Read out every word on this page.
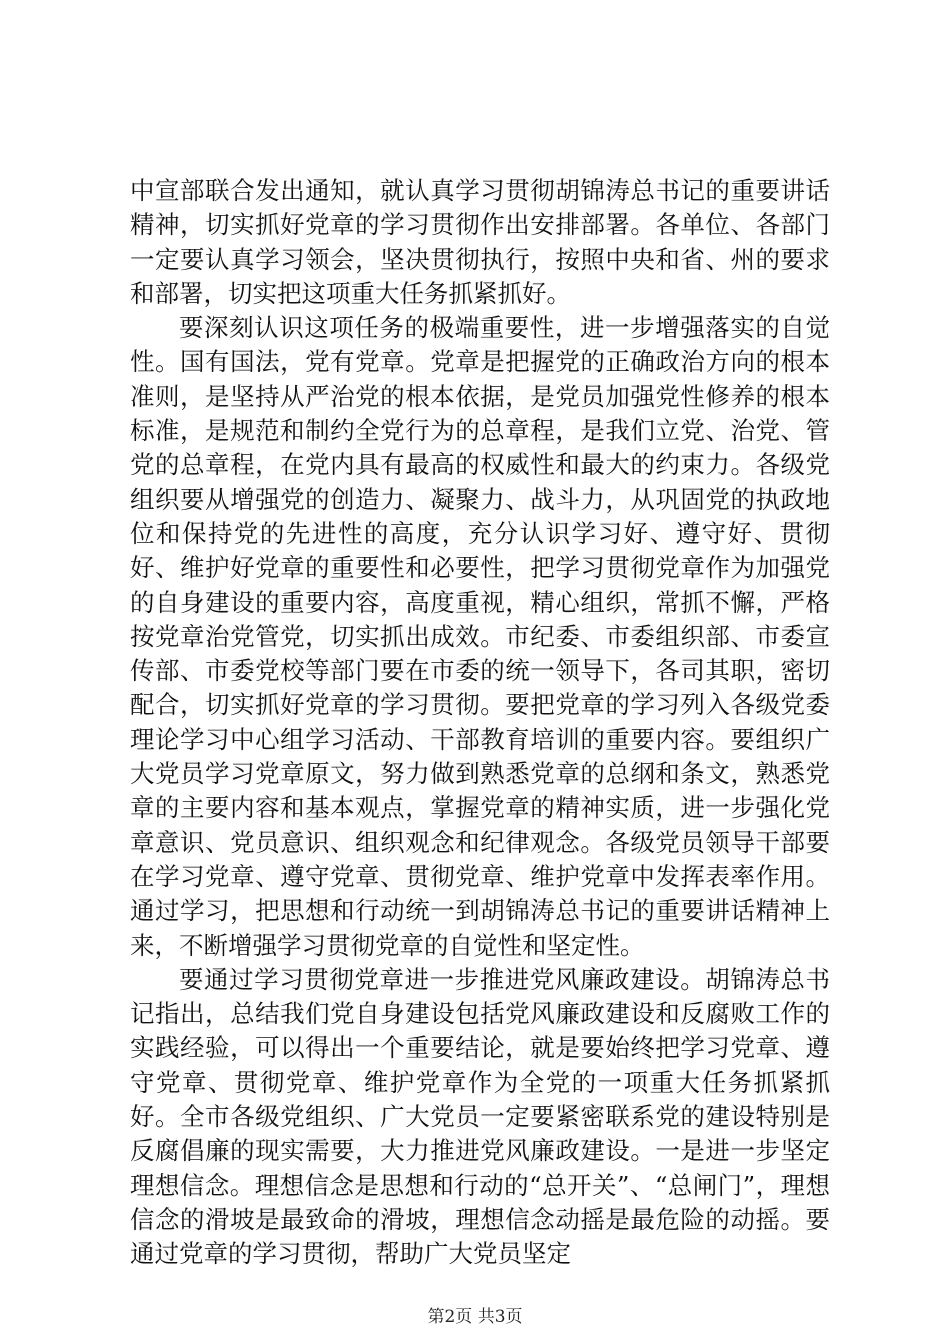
中宣部联合发出通知，就认真学习贯彻胡锦涛总书记的重要讲话精神，切实抓好党章的学习贯彻作出安排部署。各单位、各部门一定要认真学习领会，坚决贯彻执行，按照中央和省、州的要求和部署，切实把这项重大任务抓紧抓好。

要深刻认识这项任务的极端重要性，进一步增强落实的自觉性。国有国法，党有党章。党章是把握党的正确政治方向的根本准则，是坚持从严治党的根本依据，是党员加强党性修养的根本标准，是规范和制约全党行为的总章程，是我们立党、治党、管党的总章程，在党内具有最高的权威性和最大的约束力。各级党组织要从增强党的创造力、凝聚力、战斗力，从巩固党的执政地位和保持党的先进性的高度，充分认识学习好、遵守好、贯彻好、维护好党章的重要性和必要性，把学习贯彻党章作为加强党的自身建设的重要内容，高度重视，精心组织，常抓不懈，严格按党章治党管党，切实抓出成效。市纪委、市委组织部、市委宣传部、市委党校等部门要在市委的统一领导下，各司其职，密切配合，切实抓好党章的学习贯彻。要把党章的学习列入各级党委理论学习中心组学习活动、干部教育培训的重要内容。要组织广大党员学习党章原文，努力做到熟悉党章的总纲和条文，熟悉党章的主要内容和基本观点，掌握党章的精神实质，进一步强化党章意识、党员意识、组织观念和纪律观念。各级党员领导干部要在学习党章、遵守党章、贯彻党章、维护党章中发挥表率作用。通过学习，把思想和行动统一到胡锦涛总书记的重要讲话精神上来，不断增强学习贯彻党章的自觉性和坚定性。

要通过学习贯彻党章进一步推进党风廉政建设。胡锦涛总书记指出，总结我们党自身建设包括党风廉政建设和反腐败工作的实践经验，可以得出一个重要结论，就是要始终把学习党章、遵守党章、贯彻党章、维护党章作为全党的一项重大任务抓紧抓好。全市各级党组织、广大党员一定要紧密联系党的建设特别是反腐倡廉的现实需要，大力推进党风廉政建设。一是进一步坚定理想信念。理想信念是思想和行动的“总开关”、“总闸门”，理想信念的滑坡是最致命的滑坡，理想信念动摇是最危险的动摇。要通过党章的学习贯彻，帮助广大党员坚定

第2页 共3页
